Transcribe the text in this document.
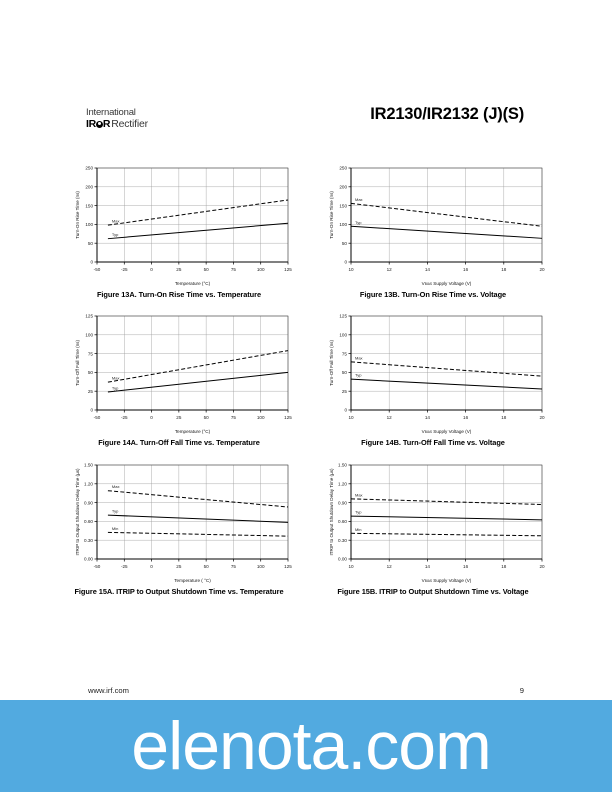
International
IR R Rectifier
IR2130/IR2132 (J)(S)
-50	-25	0	25	50	75	100	125
0
50
100
150
200
250
Temperature (°C)
Turn-On Rise Time (ns)	Max
Typ
Figure 13A. Turn-On Rise Time vs. Temperature
10	12	14	16	18	20
0
50
100
150
200
250
VBIAS Supply Voltage (V)
Turn-On Rise Time (ns)	Max
Typ
Figure 13B. Turn-On Rise Time vs. Voltage
-50	-25	0	25	50	75	100	125
0
25
50
75
100
125
Temperature (°C)
Turn-Off Fall Time (ns)	Max
Typ
Figure 14A. Turn-Off Fall Time vs. Temperature
10	12	14	16	18	20
0
25
50
75
100
125
VBIAS Supply Voltage (V)
Turn-Off Fall Time (ns)	Max
Typ
Figure 14B. Turn-Off Fall Time vs. Voltage
-50	-25	0	25	50	75	100	125
0.00
0.30
0.60
0.90
1.20
1.50
Temperature ( °C)
ITRIP to Output Shutdown Delay Time (µs)	Max
Typ
Min
Figure 15A. ITRIP to Output Shutdown Time vs. Temperature
10	12	14	16	18	20
0.00
0.30
0.60
0.90
1.20
1.50
VBIAS Supply Voltage (V)
ITRIP to Output Shutdown Delay Time (µs)	Max
Typ
Min
Figure 15B. ITRIP to Output Shutdown Time vs. Voltage
www.irf.com	9
elenota.com
